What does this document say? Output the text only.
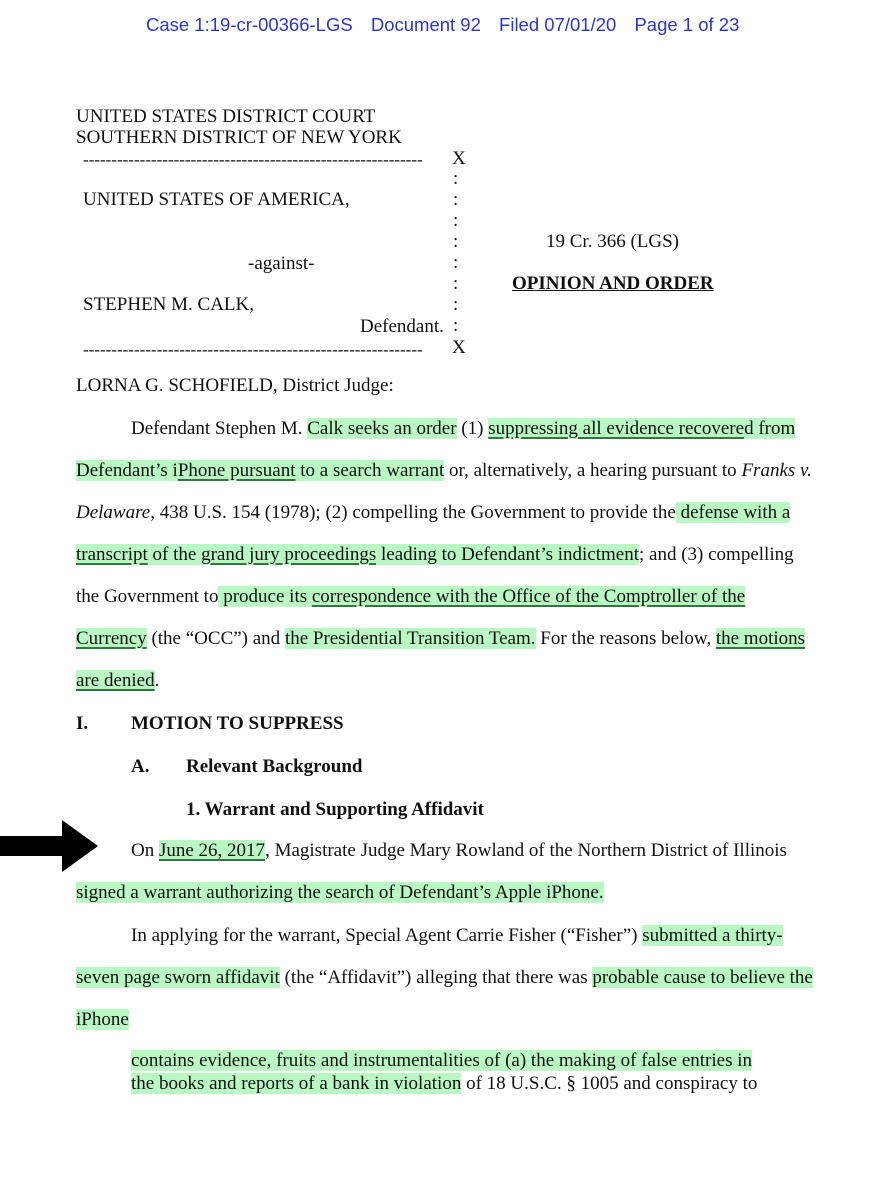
Case 1:19-cr-00366-LGS Document 92 Filed 07/01/20 Page 1 of 23
UNITED STATES DISTRICT COURT
SOUTHERN DISTRICT OF NEW YORK
------------------------------------------------------------ X
:
:
:
:
:
:
:
:
UNITED STATES OF AMERICA,
-against-
STEPHEN M. CALK,
Defendant.
------------------------------------------------------------ X
19 Cr. 366 (LGS)
OPINION AND ORDER
LORNA G. SCHOFIELD, District Judge:
Defendant Stephen M. Calk seeks an order (1) suppressing all evidence recovered from
Defendant’s iPhone pursuant to a search warrant or, alternatively, a hearing pursuant to Franks v.
Delaware, 438 U.S. 154 (1978); (2) compelling the Government to provide the defense with a
transcript of the grand jury proceedings leading to Defendant’s indictment; and (3) compelling
the Government to produce its correspondence with the Office of the Comptroller of the
Currency (the “OCC”) and the Presidential Transition Team. For the reasons below, the motions
are denied.
I. MOTION TO SUPPRESS
A. Relevant Background
1. Warrant and Supporting Affidavit
On June 26, 2017, Magistrate Judge Mary Rowland of the Northern District of Illinois
signed a warrant authorizing the search of Defendant’s Apple iPhone.
In applying for the warrant, Special Agent Carrie Fisher (“Fisher”) submitted a thirty-
seven page sworn affidavit (the “Affidavit”) alleging that there was probable cause to believe the
iPhone
contains evidence, fruits and instrumentalities of (a) the making of false entries in
the books and reports of a bank in violation of 18 U.S.C. § 1005 and conspiracy to
